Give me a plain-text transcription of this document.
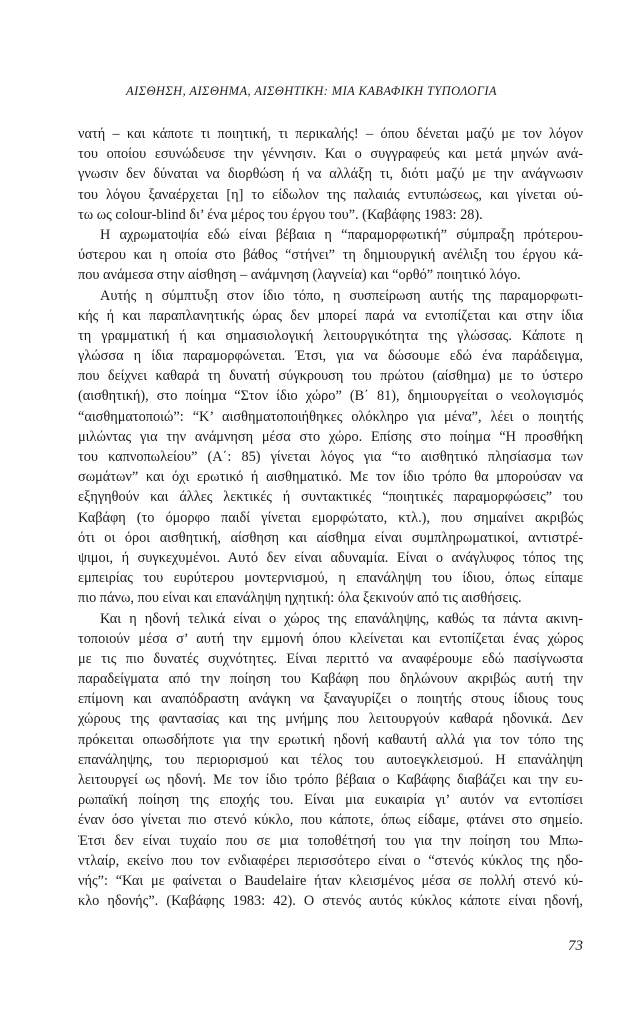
ΑΙΣΘΗΣΗ, ΑΙΣΘΗΜΑ, ΑΙΣΘΗΤΙΚΗ: ΜΙΑ ΚΑΒΑΦΙΚΗ ΤΥΠΟΛΟΓΙΑ
νατή – και κάποτε τι ποιητική, τι περικαλής! – όπου δένεται μαζύ με τον λόγον
του οποίου εσυνώδευσε την γέννησιν. Και ο συγγραφεύς και μετά μηνών ανά-
γνωσιν δεν δύναται να διορθώση ή να αλλάξη τι, διότι μαζύ με την ανάγνωσιν
του λόγου ξαναέρχεται [η] το είδωλον της παλαιάς εντυπώσεως, και γίνεται ού-
τω ως colour-blind δι’ ένα μέρος του έργου του”. (Καβάφης 1983: 28).
Η αχρωματοψία εδώ είναι βέβαια η “παραμορφωτική” σύμπραξη πρότερου-
ύστερου και η οποία στο βάθος “στήνει” τη δημιουργική ανέλιξη του έργου κά-
που ανάμεσα στην αίσθηση – ανάμνηση (λαγνεία) και “ορθό” ποιητικό λόγο.
Αυτής η σύμπτυξη στον ίδιο τόπο, η συσπείρωση αυτής της παραμορφωτι-
κής ή και παραπλανητικής ώρας δεν μπορεί παρά να εντοπίζεται και στην ίδια
τη γραμματική ή και σημασιολογική λειτουργικότητα της γλώσσας. Κάποτε η
γλώσσα η ίδια παραμορφώνεται. Έτσι, για να δώσουμε εδώ ένα παράδειγμα,
που δείχνει καθαρά τη δυνατή σύγκρουση του πρώτου (αίσθημα) με το ύστερο
(αισθητική), στο ποίημα “Στον ίδιο χώρο” (Β΄ 81), δημιουργείται ο νεολογισμός
“αισθηματοποιώ”: “Κ’ αισθηματοποιήθηκες ολόκληρο για μένα”, λέει ο ποιητής
μιλώντας για την ανάμνηση μέσα στο χώρο. Επίσης στο ποίημα “Η προσθήκη
του καπνοπωλείου” (Α΄: 85) γίνεται λόγος για “το αισθητικό πλησίασμα των
σωμάτων” και όχι ερωτικό ή αισθηματικό. Με τον ίδιο τρόπο θα μπορούσαν να
εξηγηθούν και άλλες λεκτικές ή συντακτικές “ποιητικές παραμορφώσεις” του
Καβάφη (το όμορφο παιδί γίνεται εμορφώτατο, κτλ.), που σημαίνει ακριβώς
ότι οι όροι αισθητική, αίσθηση και αίσθημα είναι συμπληρωματικοί, αντιστρέ-
ψιμοι, ή συγκεχυμένοι. Αυτό δεν είναι αδυναμία. Είναι ο ανάγλυφος τόπος της
εμπειρίας του ευρύτερου μοντερνισμού, η επανάληψη του ίδιου, όπως είπαμε
πιο πάνω, που είναι και επανάληψη ηχητική: όλα ξεκινούν από τις αισθήσεις.
Και η ηδονή τελικά είναι ο χώρος της επανάληψης, καθώς τα πάντα ακινη-
τοποιούν μέσα σ’ αυτή την εμμονή όπου κλείνεται και εντοπίζεται ένας χώρος
με τις πιο δυνατές συχνότητες. Είναι περιττό να αναφέρουμε εδώ πασίγνωστα
παραδείγματα από την ποίηση του Καβάφη που δηλώνουν ακριβώς αυτή την
επίμονη και αναπόδραστη ανάγκη να ξαναγυρίζει ο ποιητής στους ίδιους τους
χώρους της φαντασίας και της μνήμης που λειτουργούν καθαρά ηδονικά. Δεν
πρόκειται οπωσδήποτε για την ερωτική ηδονή καθαυτή αλλά για τον τόπο της
επανάληψης, του περιορισμού και τέλος του αυτοεγκλεισμού. Η επανάληψη
λειτουργεί ως ηδονή. Με τον ίδιο τρόπο βέβαια ο Καβάφης διαβάζει και την ευ-
ρωπαϊκή ποίηση της εποχής του. Είναι μια ευκαιρία γι’ αυτόν να εντοπίσει
έναν όσο γίνεται πιο στενό κύκλο, που κάποτε, όπως είδαμε, φτάνει στο σημείο.
Έτσι δεν είναι τυχαίο που σε μια τοποθέτησή του για την ποίηση του Μπω-
ντλαίρ, εκείνο που τον ενδιαφέρει περισσότερο είναι ο “στενός κύκλος της ηδο-
νής”: “Και με φαίνεται ο Baudelaire ήταν κλεισμένος μέσα σε πολλή στενό κύ-
κλο ηδονής”. (Καβάφης 1983: 42). Ο στενός αυτός κύκλος κάποτε είναι ηδονή,
73
